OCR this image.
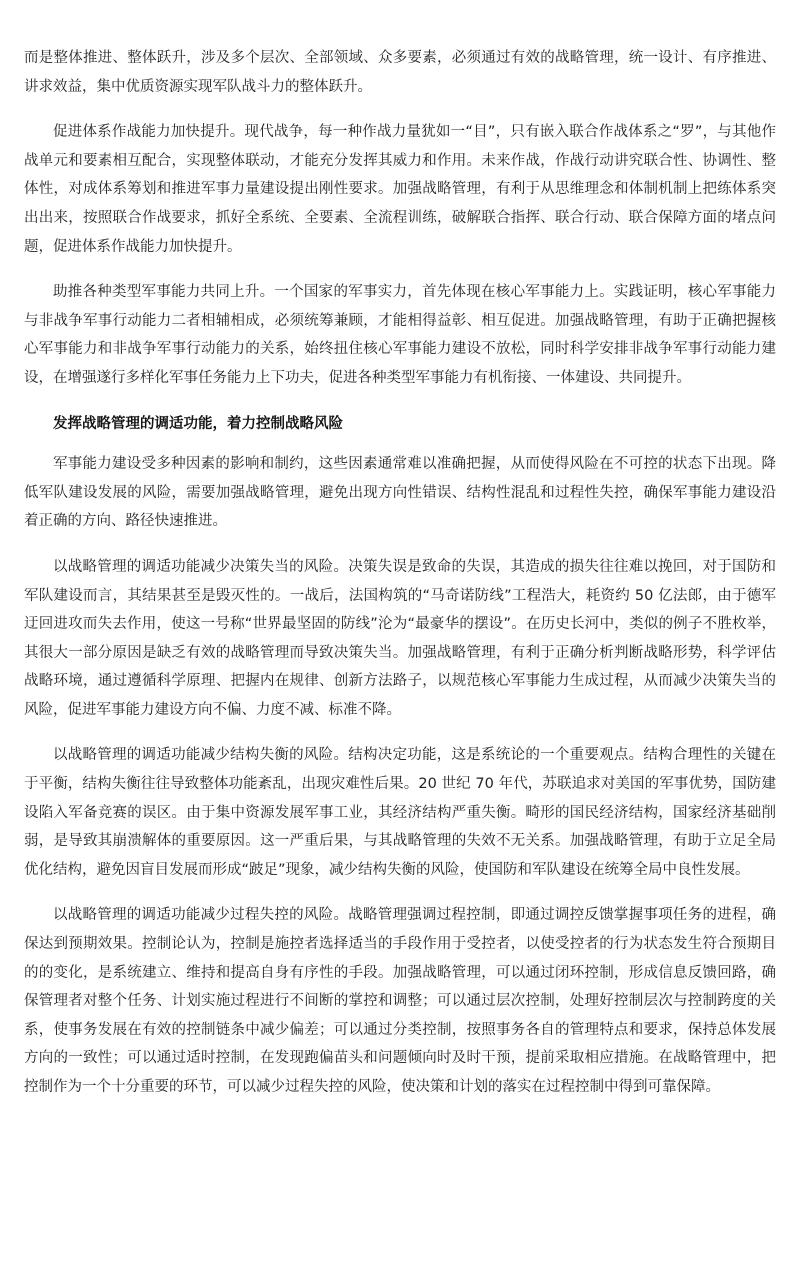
而是整体推进、整体跃升，涉及多个层次、全部领域、众多要素，必须通过有效的战略管理，统一设计、有序推进、讲求效益，集中优质资源实现军队战斗力的整体跃升。

促进体系作战能力加快提升。现代战争，每一种作战力量犹如一“目”，只有嵌入联合作战体系之“罗”，与其他作战单元和要素相互配合，实现整体联动，才能充分发挥其威力和作用。未来作战，作战行动讲究联合性、协调性、整体性，对成体系筹划和推进军事力量建设提出刚性要求。加强战略管理，有利于从思维理念和体制机制上把练体系突出出来，按照联合作战要求，抓好全系统、全要素、全流程训练，破解联合指挥、联合行动、联合保障方面的堵点问题，促进体系作战能力加快提升。

助推各种类型军事能力共同上升。一个国家的军事实力，首先体现在核心军事能力上。实践证明，核心军事能力与非战争军事行动能力二者相辅相成，必须统筹兼顾，才能相得益彰、相互促进。加强战略管理，有助于正确把握核心军事能力和非战争军事行动能力的关系，始终扭住核心军事能力建设不放松，同时科学安排非战争军事行动能力建设，在增强遂行多样化军事任务能力上下功夫，促进各种类型军事能力有机衔接、一体建设、共同提升。

发挥战略管理的调适功能，着力控制战略风险

军事能力建设受多种因素的影响和制约，这些因素通常难以准确把握，从而使得风险在不可控的状态下出现。降低军队建设发展的风险，需要加强战略管理，避免出现方向性错误、结构性混乱和过程性失控，确保军事能力建设沿着正确的方向、路径快速推进。

以战略管理的调适功能减少决策失当的风险。决策失误是致命的失误，其造成的损失往往难以挽回，对于国防和军队建设而言，其结果甚至是毁灭性的。一战后，法国构筑的“马奇诺防线”工程浩大，耗资约 50 亿法郎，由于德军迂回进攻而失去作用，使这一号称“世界最坚固的防线”沦为“最豪华的摆设”。在历史长河中，类似的例子不胜枚举，其很大一部分原因是缺乏有效的战略管理而导致决策失当。加强战略管理，有利于正确分析判断战略形势，科学评估战略环境，通过遵循科学原理、把握内在规律、创新方法路子，以规范核心军事能力生成过程，从而减少决策失当的风险，促进军事能力建设方向不偏、力度不减、标准不降。

以战略管理的调适功能减少结构失衡的风险。结构决定功能，这是系统论的一个重要观点。结构合理性的关键在于平衡，结构失衡往往导致整体功能紊乱，出现灾难性后果。20 世纪 70 年代，苏联追求对美国的军事优势，国防建设陷入军备竞赛的误区。由于集中资源发展军事工业，其经济结构严重失衡。畸形的国民经济结构，国家经济基础削弱，是导致其崩溃解体的重要原因。这一严重后果，与其战略管理的失效不无关系。加强战略管理，有助于立足全局优化结构，避免因盲目发展而形成“跛足”现象，减少结构失衡的风险，使国防和军队建设在统筹全局中良性发展。

以战略管理的调适功能减少过程失控的风险。战略管理强调过程控制，即通过调控反馈掌握事项任务的进程，确保达到预期效果。控制论认为，控制是施控者选择适当的手段作用于受控者，以使受控者的行为状态发生符合预期目的的变化，是系统建立、维持和提高自身有序性的手段。加强战略管理，可以通过闭环控制，形成信息反馈回路，确保管理者对整个任务、计划实施过程进行不间断的掌控和调整；可以通过层次控制，处理好控制层次与控制跨度的关系，使事务发展在有效的控制链条中减少偏差；可以通过分类控制，按照事务各自的管理特点和要求，保持总体发展方向的一致性；可以通过适时控制，在发现跑偏苗头和问题倾向时及时干预，提前采取相应措施。在战略管理中，把控制作为一个十分重要的环节，可以减少过程失控的风险，使决策和计划的落实在过程控制中得到可靠保障。
